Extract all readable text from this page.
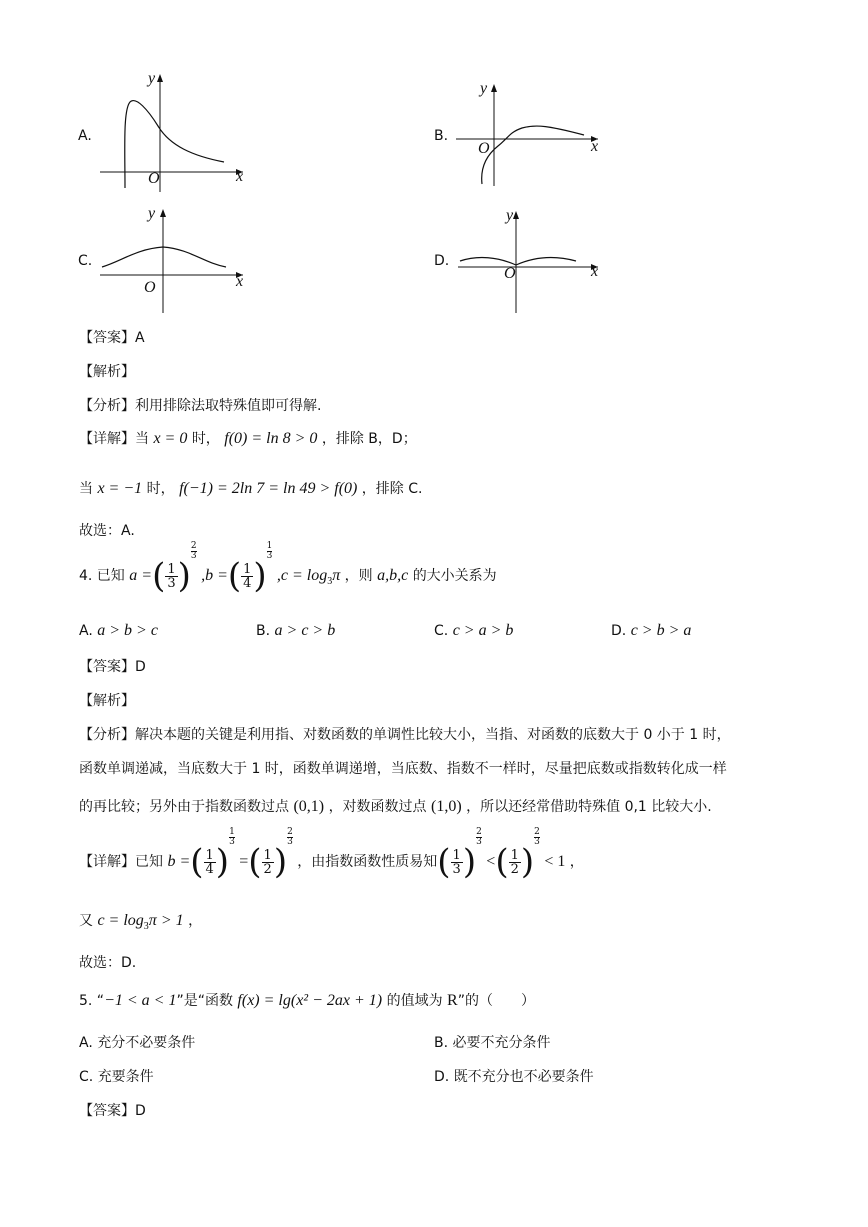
A.
y
x
O
B.
y
x
O
C.
y
x
O
D.
y
x
O
【答案】A
【解析】
【分析】利用排除法取特殊值即可得解.
【详解】当 x = 0 时， f(0) = ln 8 > 0 ，排除 B，D；
当 x = −1 时， f(−1) = 2ln 7 = ln 49 > f(0) ，排除 C.
故选：A.
4. 已知 a =( $\frac{1}{3}$ )
$\frac{2}{3}$
,b =( $\frac{1}{4}$ )
$\frac{1}{3}$
$,c = \log_3\pi$ ，则 a,b,c 的大小关系为
A. a > b > c	B. a > c > b	C. c > a > b	D. c > b > a
【答案】D
【解析】
【分析】解决本题的关键是利用指、对数函数的单调性比较大小，当指、对函数的底数大于 0 小于 1 时，
函数单调递减，当底数大于 1 时，函数单调递增，当底数、指数不一样时，尽量把底数或指数转化成一样
的再比较；另外由于指数函数过点 (0,1) ，对数函数过点 (1,0) ，所以还经常借助特殊值 0,1 比较大小.
【详解】已知 b =( $\frac{1}{4}$ )
$\frac{1}{3}$
=( $\frac{1}{2}$ )
$\frac{2}{3}$
，由指数函数性质易知( $\frac{1}{3}$ )
$\frac{2}{3}$
<( $\frac{1}{2}$ )
$\frac{2}{3}$
< 1 ，
又 $c = \log_3\pi > 1$ ，
故选：D.
5. “−1 < a < 1”是“函数 f(x) = lg(x² − 2ax + 1) 的值域为 R”的（　　）
A. 充分不必要条件	B. 必要不充分条件
C. 充要条件	D. 既不充分也不必要条件
【答案】D
